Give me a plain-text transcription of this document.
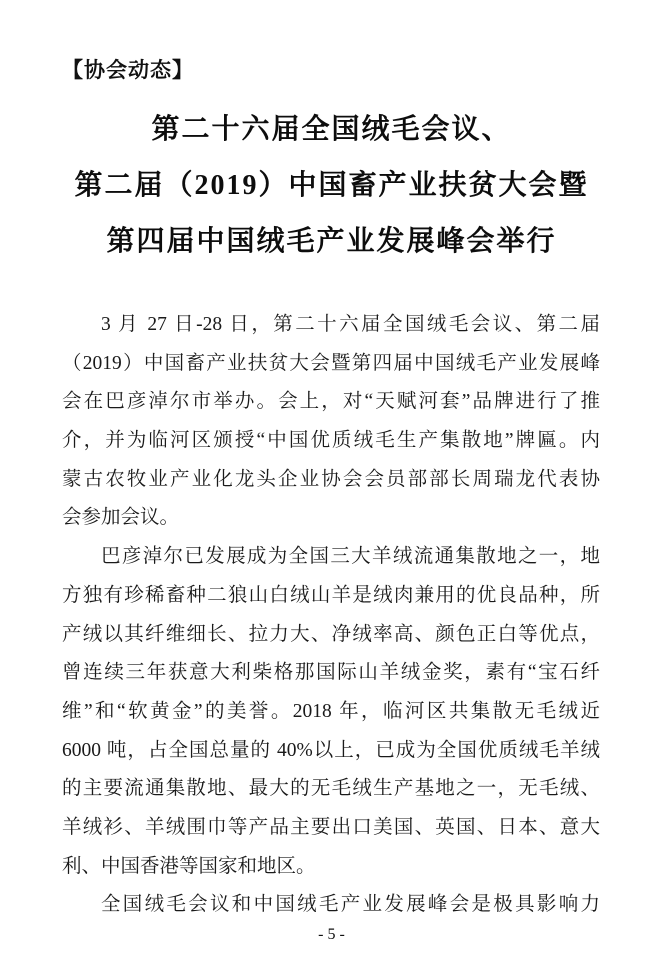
【协会动态】
第二十六届全国绒毛会议、
第二届（2019）中国畜产业扶贫大会暨
第四届中国绒毛产业发展峰会举行
3 月 27 日-28 日，第二十六届全国绒毛会议、第二届
（2019）中国畜产业扶贫大会暨第四届中国绒毛产业发展峰
会在巴彦淖尔市举办。会上，对“天赋河套”品牌进行了推
介，并为临河区颁授“中国优质绒毛生产集散地”牌匾。内
蒙古农牧业产业化龙头企业协会会员部部长周瑞龙代表协
会参加会议。
巴彦淖尔已发展成为全国三大羊绒流通集散地之一，地
方独有珍稀畜种二狼山白绒山羊是绒肉兼用的优良品种，所
产绒以其纤维细长、拉力大、净绒率高、颜色正白等优点，
曾连续三年获意大利柴格那国际山羊绒金奖，素有“宝石纤
维”和“软黄金”的美誉。2018 年，临河区共集散无毛绒近
6000 吨，占全国总量的 40%以上，已成为全国优质绒毛羊绒
的主要流通集散地、最大的无毛绒生产基地之一，无毛绒、
羊绒衫、羊绒围巾等产品主要出口美国、英国、日本、意大
利、中国香港等国家和地区。
全国绒毛会议和中国绒毛产业发展峰会是极具影响力
- 5 -
